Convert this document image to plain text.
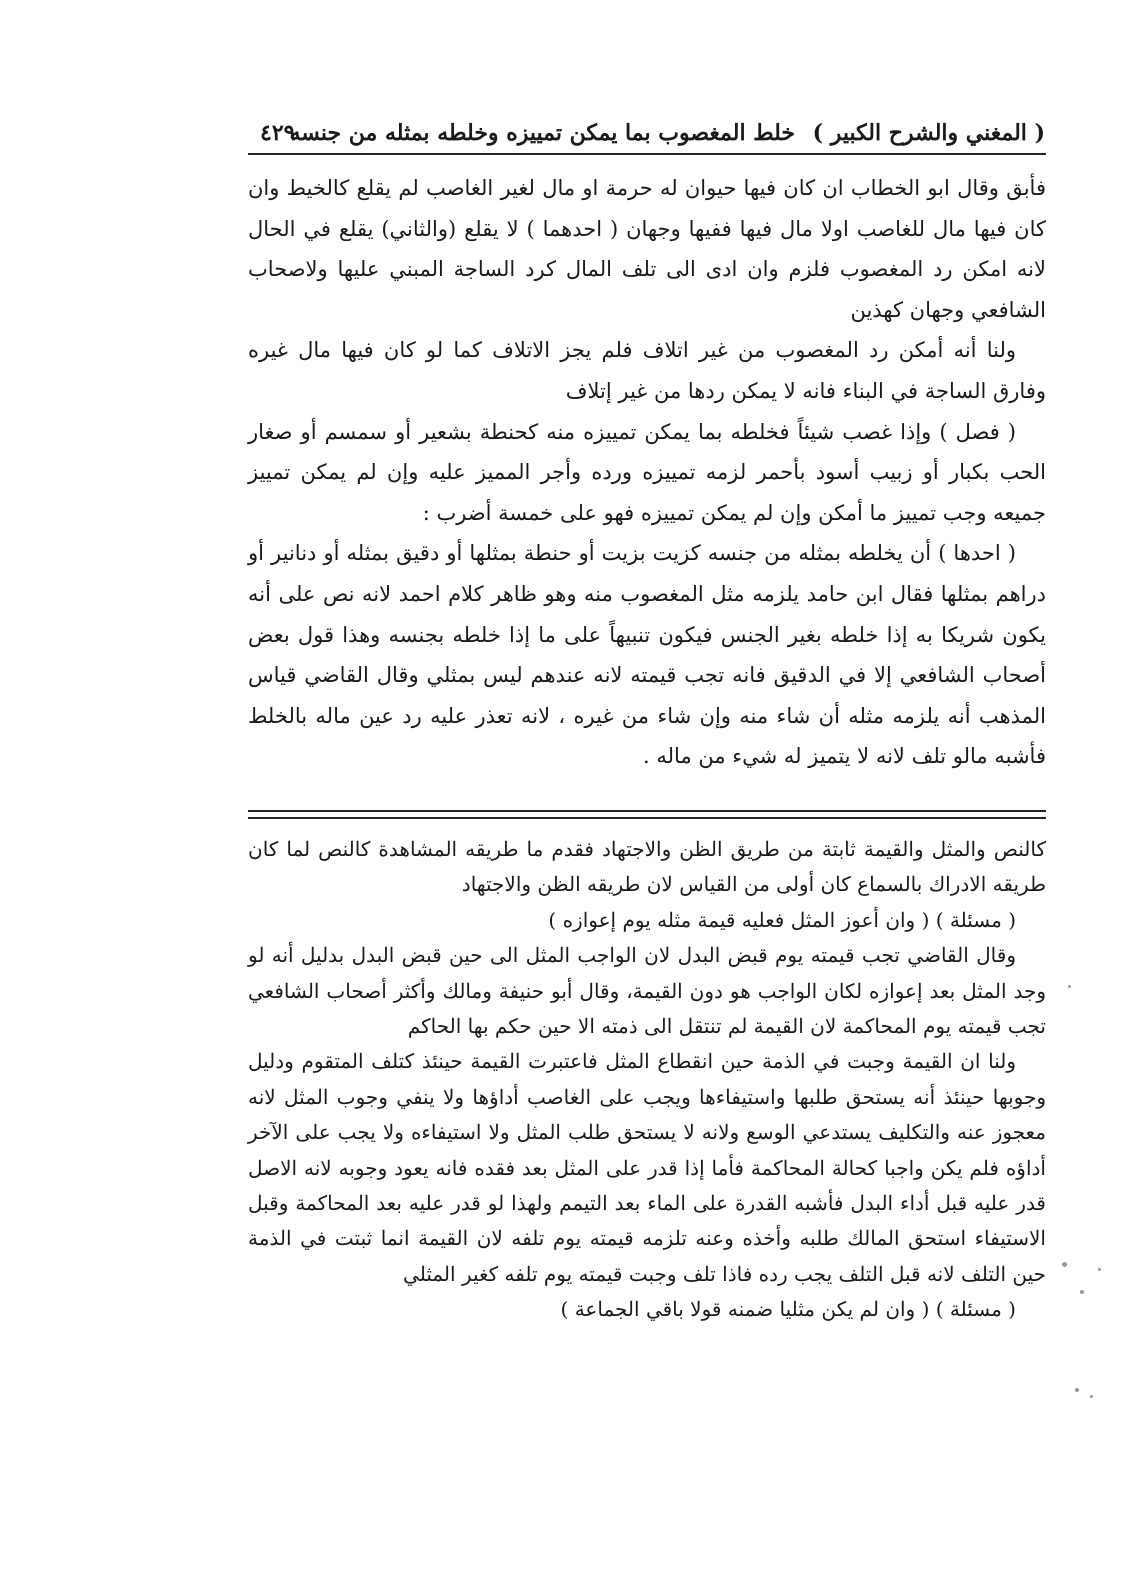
( المغني والشرح الكبير )
خلط المغصوب بما يمكن تمييزه وخلطه بمثله من جنسه
٤٢٩

فأبق وقال ابو الخطاب ان كان فيها حيوان له حرمة او مال لغير الغاصب لم يقلع كالخيط وان كان فيها مال للغاصب اولا مال فيها ففيها وجهان ( احدهما ) لا يقلع (والثاني) يقلع في الحال لانه امكن رد المغصوب فلزم وان ادى الى تلف المال كرد الساجة المبني عليها ولاصحاب الشافعي وجهان كهذين

ولنا أنه أمكن رد المغصوب من غير اتلاف فلم يجز الاتلاف كما لو كان فيها مال غيره وفارق الساجة في البناء فانه لا يمكن ردها من غير إتلاف

( فصل ) وإذا غصب شيئاً فخلطه بما يمكن تمييزه منه كحنطة بشعير أو سمسم أو صغار الحب بكبار أو زبيب أسود بأحمر لزمه تمييزه ورده وأجر المميز عليه وإن لم يمكن تمييز جميعه وجب تمييز ما أمكن وإن لم يمكن تمييزه فهو على خمسة أضرب :

( احدها ) أن يخلطه بمثله من جنسه كزيت بزيت أو حنطة بمثلها أو دقيق بمثله أو دنانير أو دراهم بمثلها فقال ابن حامد يلزمه مثل المغصوب منه وهو ظاهر كلام احمد لانه نص على أنه يكون شريكا به إذا خلطه بغير الجنس فيكون تنبيهاً على ما إذا خلطه بجنسه وهذا قول بعض أصحاب الشافعي إلا في الدقيق فانه تجب قيمته لانه عندهم ليس بمثلي وقال القاضي قياس المذهب أنه يلزمه مثله أن شاء منه وإن شاء من غيره ، لانه تعذر عليه رد عين ماله بالخلط فأشبه مالو تلف لانه لا يتميز له شيء من ماله .

كالنص والمثل والقيمة ثابتة من طريق الظن والاجتهاد فقدم ما طريقه المشاهدة كالنص لما كان طريقه الادراك بالسماع كان أولى من القياس لان طريقه الظن والاجتهاد

( مسئلة ) ( وان أعوز المثل فعليه قيمة مثله يوم إعوازه )

وقال القاضي تجب قيمته يوم قبض البدل لان الواجب المثل الى حين قبض البدل بدليل أنه لو وجد المثل بعد إعوازه لكان الواجب هو دون القيمة، وقال أبو حنيفة ومالك وأكثر أصحاب الشافعي تجب قيمته يوم المحاكمة لان القيمة لم تنتقل الى ذمته الا حين حكم بها الحاكم

ولنا ان القيمة وجبت في الذمة حين انقطاع المثل فاعتبرت القيمة حينئذ كتلف المتقوم ودليل وجوبها حينئذ أنه يستحق طلبها واستيفاءها ويجب على الغاصب أداؤها ولا ينفي وجوب المثل لانه معجوز عنه والتكليف يستدعي الوسع ولانه لا يستحق طلب المثل ولا استيفاءه ولا يجب على الآخر أداؤه فلم يكن واجبا كحالة المحاكمة فأما إذا قدر على المثل بعد فقده فانه يعود وجوبه لانه الاصل قدر عليه قبل أداء البدل فأشبه القدرة على الماء بعد التيمم ولهذا لو قدر عليه بعد المحاكمة وقبل الاستيفاء استحق المالك طلبه وأخذه وعنه تلزمه قيمته يوم تلفه لان القيمة انما ثبتت في الذمة حين التلف لانه قبل التلف يجب رده فاذا تلف وجبت قيمته يوم تلفه كغير المثلي

( مسئلة ) ( وان لم يكن مثليا ضمنه قولا باقي الجماعة )
